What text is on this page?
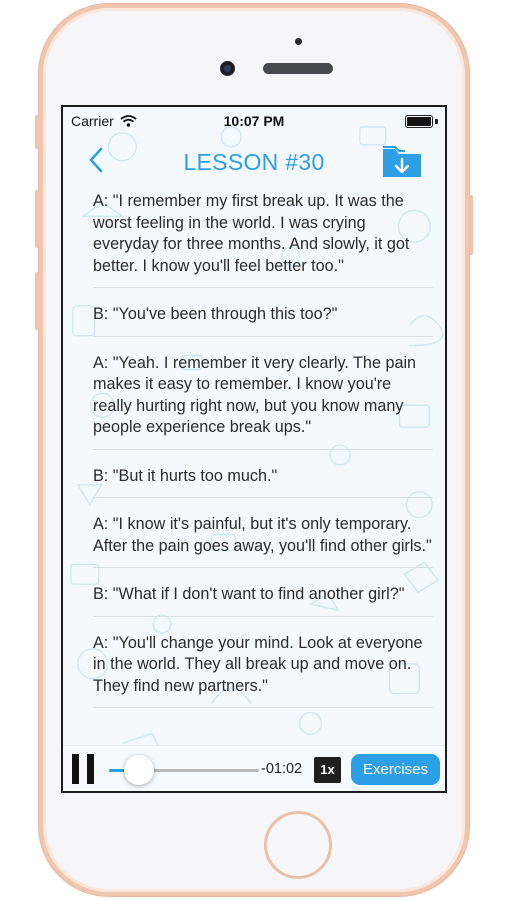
Carrier	10:07 PM
LESSON #30
A: "I remember my first break up. It was the worst feeling in the world. I was crying everyday for three months. And slowly, it got better. I know you'll feel better too."
B: "You've been through this too?"
A: "Yeah. I remember it very clearly. The pain makes it easy to remember. I know you're really hurting right now, but you know many people experience break ups."
B: "But it hurts too much."
A: "I know it's painful, but it's only temporary. After the pain goes away, you'll find other girls."
B: "What if I don't want to find another girl?"
A: "You'll change your mind. Look at everyone in the world. They all break up and move on. They find new partners."
-01:02	1x	Exercises
